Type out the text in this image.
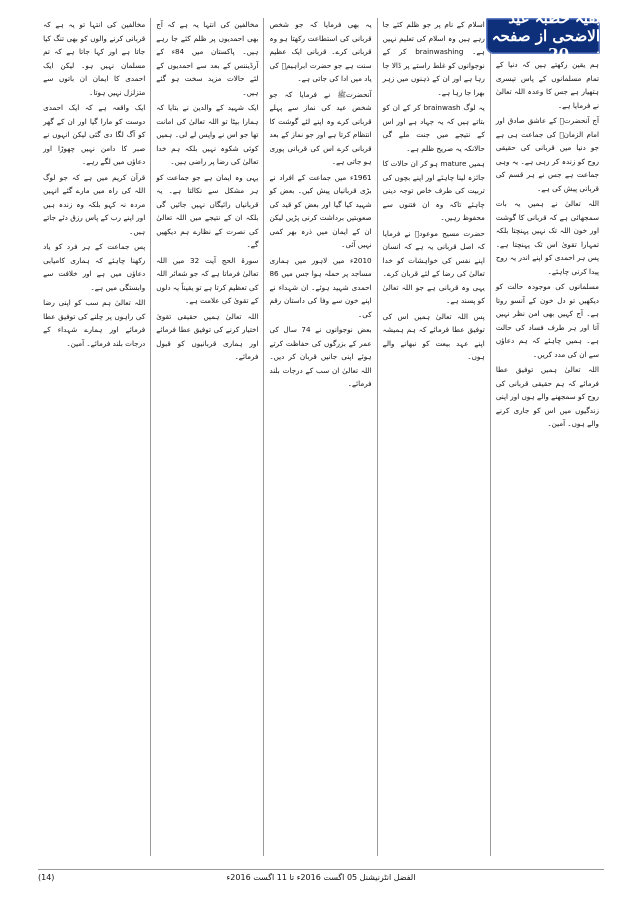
ہم یقین رکھتے ہیں کہ دنیا کے تمام مسلمانوں کے پاس تیسری ہتھیار ہے جس کا وعدہ اللہ تعالیٰ نے فرمایا ہے۔

آج آنحضرتﷺ کے عاشق صادق اور امام الزمانؑ کی جماعت ہی ہے جو دنیا میں قربانی کی حقیقی روح کو زندہ کر رہی ہے۔ یہ وہی جماعت ہے جس نے ہر قسم کی قربانی پیش کی ہے۔

اللہ تعالیٰ نے ہمیں یہ بات سمجھائی ہے کہ قربانی کا گوشت اور خون اللہ تک نہیں پہنچتا بلکہ تمہارا تقویٰ اس تک پہنچتا ہے۔ پس ہر احمدی کو اپنے اندر یہ روح پیدا کرنی چاہئے۔

مسلمانوں کی موجودہ حالت کو دیکھیں تو دل خون کے آنسو روتا ہے۔ آج کہیں بھی امن نظر نہیں آتا اور ہر طرف فساد کی حالت ہے۔ ہمیں چاہئے کہ ہم دعاؤں سے ان کی مدد کریں۔

اللہ تعالیٰ ہمیں توفیق عطا فرمائے کہ ہم حقیقی قربانی کی روح کو سمجھنے والے ہوں اور اپنی زندگیوں میں اس کو جاری کرنے والے ہوں۔ آمین۔

اسلام کے نام پر جو ظلم کئے جا رہے ہیں وہ اسلام کی تعلیم نہیں ہے۔ brainwashing کر کے نوجوانوں کو غلط راستے پر ڈالا جا رہا ہے اور ان کے ذہنوں میں زہر بھرا جا رہا ہے۔

یہ لوگ brainwash کر کے ان کو بتاتے ہیں کہ یہ جہاد ہے اور اس کے نتیجے میں جنت ملے گی حالانکہ یہ صریح ظلم ہے۔

ہمیں mature ہو کر ان حالات کا جائزہ لینا چاہئے اور اپنے بچوں کی تربیت کی طرف خاص توجہ دینی چاہئے تاکہ وہ ان فتنوں سے محفوظ رہیں۔

حضرت مسیح موعودؑ نے فرمایا کہ اصل قربانی یہ ہے کہ انسان اپنے نفس کی خواہشات کو خدا تعالیٰ کی رضا کے لئے قربان کرے۔ یہی وہ قربانی ہے جو اللہ تعالیٰ کو پسند ہے۔

پس اللہ تعالیٰ ہمیں اس کی توفیق عطا فرمائے کہ ہم ہمیشہ اپنے عہد بیعت کو نبھانے والے ہوں۔

یہ بھی فرمایا کہ جو شخص قربانی کی استطاعت رکھتا ہو وہ قربانی کرے۔ قربانی ایک عظیم سنت ہے جو حضرت ابراہیمؑ کی یاد میں ادا کی جاتی ہے۔

آنحضرتﷺ نے فرمایا کہ جو شخص عید کی نماز سے پہلے قربانی کرے وہ اپنے لئے گوشت کا انتظام کرتا ہے اور جو نماز کے بعد قربانی کرے اس کی قربانی پوری ہو جاتی ہے۔

1961ء میں جماعت کے افراد نے بڑی قربانیاں پیش کیں۔ بعض کو شہید کیا گیا اور بعض کو قید کی صعوبتیں برداشت کرنی پڑیں لیکن ان کے ایمان میں ذرہ بھر کمی نہیں آئی۔

2010ء میں لاہور میں ہماری مساجد پر حملہ ہوا جس میں 86 احمدی شہید ہوئے۔ ان شہداء نے اپنے خون سے وفا کی داستان رقم کی۔

بعض نوجوانوں نے 74 سال کی عمر کے بزرگوں کی حفاظت کرتے ہوئے اپنی جانیں قربان کر دیں۔ اللہ تعالیٰ ان سب کے درجات بلند فرمائے۔

مخالفین کی انتہا یہ ہے کہ آج بھی احمدیوں پر ظلم کئے جا رہے ہیں۔ پاکستان میں 84ء کے آرڈیننس کے بعد سے احمدیوں کے لئے حالات مزید سخت ہو گئے ہیں۔

ایک شہید کے والدین نے بتایا کہ ہمارا بیٹا تو اللہ تعالیٰ کی امانت تھا جو اس نے واپس لے لی۔ ہمیں کوئی شکوہ نہیں بلکہ ہم خدا تعالیٰ کی رضا پر راضی ہیں۔

یہی وہ ایمان ہے جو جماعت کو ہر مشکل سے نکالتا ہے۔ یہ قربانیاں رائیگاں نہیں جائیں گی بلکہ ان کے نتیجے میں اللہ تعالیٰ کی نصرت کے نظارے ہم دیکھیں گے۔

سورۃ الحج آیت 32 میں اللہ تعالیٰ فرماتا ہے کہ جو شعائر اللہ کی تعظیم کرتا ہے تو یقیناً یہ دلوں کے تقویٰ کی علامت ہے۔

اللہ تعالیٰ ہمیں حقیقی تقویٰ اختیار کرنے کی توفیق عطا فرمائے اور ہماری قربانیوں کو قبول فرمائے۔

مخالفین کی انتہا تو یہ ہے کہ قربانی کرنے والوں کو بھی تنگ کیا جاتا ہے اور کہا جاتا ہے کہ تم مسلمان نہیں ہو۔ لیکن ایک احمدی کا ایمان ان باتوں سے متزلزل نہیں ہوتا۔

ایک واقعہ ہے کہ ایک احمدی دوست کو مارا گیا اور ان کے گھر کو آگ لگا دی گئی لیکن انہوں نے صبر کا دامن نہیں چھوڑا اور دعاؤں میں لگے رہے۔

قرآن کریم میں ہے کہ جو لوگ اللہ کی راہ میں مارے گئے انہیں مردہ نہ کہو بلکہ وہ زندہ ہیں اور اپنے رب کے پاس رزق دئے جاتے ہیں۔

پس جماعت کے ہر فرد کو یاد رکھنا چاہئے کہ ہماری کامیابی دعاؤں میں ہے اور خلافت سے وابستگی میں ہے۔

اللہ تعالیٰ ہم سب کو اپنی رضا کی راہوں پر چلنے کی توفیق عطا فرمائے اور ہمارے شہداء کے درجات بلند فرمائے۔ آمین۔

بقیہ خطبہ عید الاضحی از صفحہ نمبر 20
(14)	الفضل انٹرنیشنل 05 اگست 2016ء تا 11 اگست 2016ء
